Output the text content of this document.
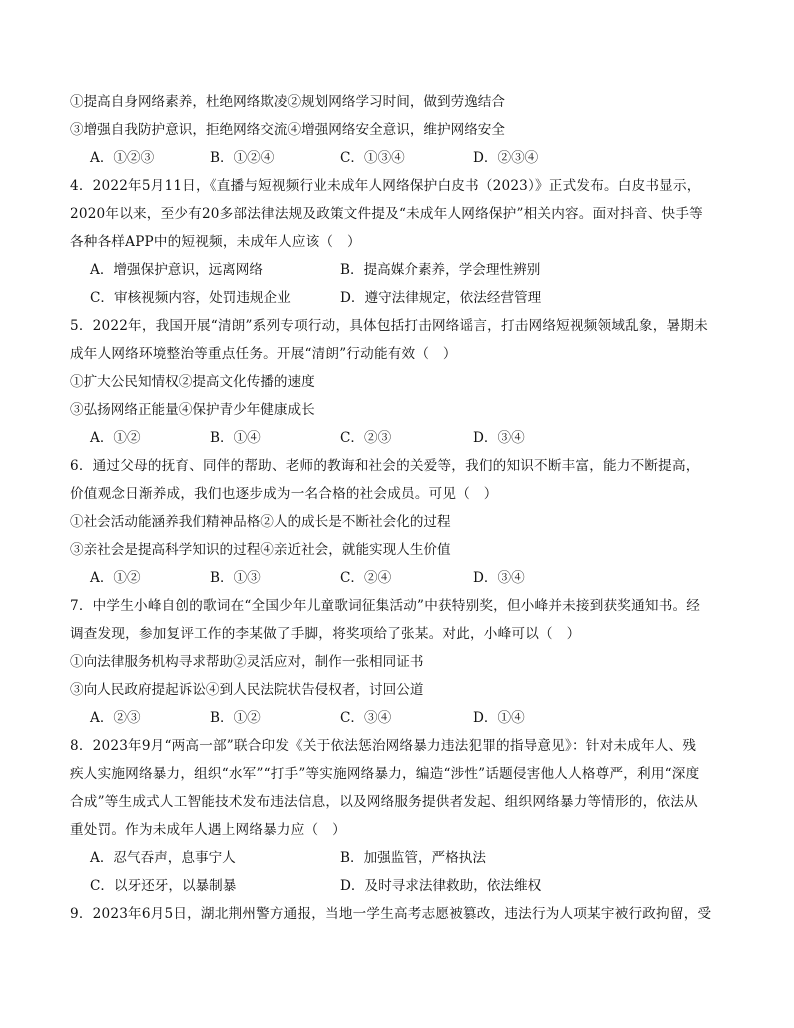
①提高自身网络素养，杜绝网络欺凌②规划网络学习时间，做到劳逸结合
③增强自我防护意识，拒绝网络交流④增强网络安全意识，维护网络安全
A．①②③	B．①②④	C．①③④	D．②③④
4．2022年5月11日，《直播与短视频行业未成年人网络保护白皮书（2023）》正式发布。白皮书显示，
2020年以来，至少有20多部法律法规及政策文件提及“未成年人网络保护”相关内容。面对抖音、快手等
各种各样APP中的短视频，未成年人应该（　）
A．增强保护意识，远离网络	B．提高媒介素养，学会理性辨别
C．审核视频内容，处罚违规企业	D．遵守法律规定，依法经营管理
5．2022年，我国开展“清朗”系列专项行动，具体包括打击网络谣言，打击网络短视频领域乱象，暑期未
成年人网络环境整治等重点任务。开展“清朗”行动能有效（　）
①扩大公民知情权②提高文化传播的速度
③弘扬网络正能量④保护青少年健康成长
A．①②	B．①④	C．②③	D．③④
6．通过父母的抚育、同伴的帮助、老师的教诲和社会的关爱等，我们的知识不断丰富，能力不断提高，
价值观念日渐养成，我们也逐步成为一名合格的社会成员。可见（　）
①社会活动能涵养我们精神品格②人的成长是不断社会化的过程
③亲社会是提高科学知识的过程④亲近社会，就能实现人生价值
A．①②	B．①③	C．②④	D．③④
7．中学生小峰自创的歌词在“全国少年儿童歌词征集活动”中获特别奖，但小峰并未接到获奖通知书。经
调查发现，参加复评工作的李某做了手脚，将奖项给了张某。对此，小峰可以（　）
①向法律服务机构寻求帮助②灵活应对，制作一张相同证书
③向人民政府提起诉讼④到人民法院状告侵权者，讨回公道
A．②③	B．①②	C．③④	D．①④
8．2023年9月“两高一部”联合印发《关于依法惩治网络暴力违法犯罪的指导意见》：针对未成年人、残
疾人实施网络暴力，组织“水军”“打手”等实施网络暴力，编造“涉性”话题侵害他人人格尊严，利用“深度
合成”等生成式人工智能技术发布违法信息，以及网络服务提供者发起、组织网络暴力等情形的，依法从
重处罚。作为未成年人遇上网络暴力应（　）
A．忍气吞声，息事宁人	B．加强监管，严格执法
C．以牙还牙，以暴制暴	D．及时寻求法律救助，依法维权
9．2023年6月5日，湖北荆州警方通报，当地一学生高考志愿被篡改，违法行为人项某宇被行政拘留，受
